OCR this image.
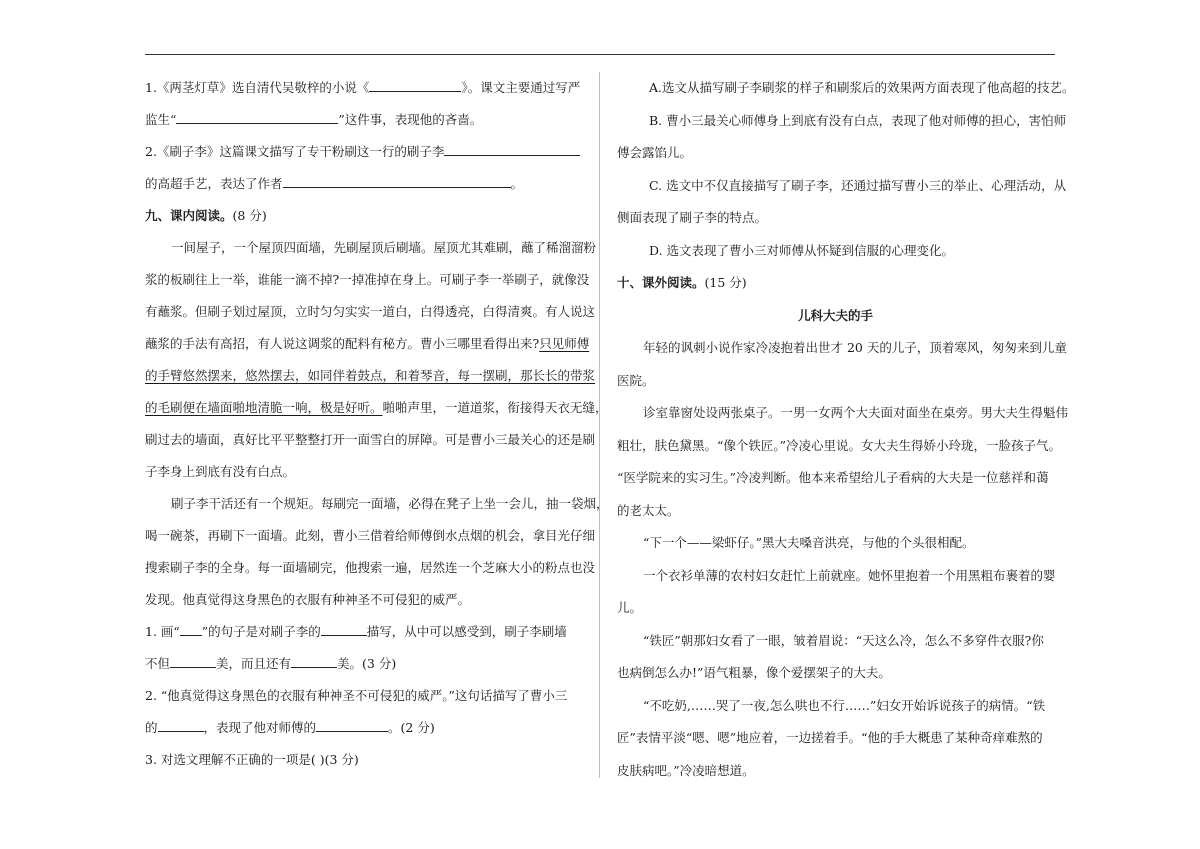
1.《两茎灯草》选自清代吴敬梓的小说《	》。课文主要通过写严
监生“	”这件事，表现他的吝啬。
2.《刷子李》这篇课文描写了专干粉刷这一行的刷子李
的高超手艺，表达了作者	。
九、课内阅读。(8 分)
一间屋子，一个屋顶四面墙，先刷屋顶后刷墙。屋顶尤其难刷，蘸了稀溜溜粉
浆的板刷往上一举，谁能一滴不掉?一掉准掉在身上。可刷子李一举刷子，就像没
有蘸浆。但刷子划过屋顶，立时匀匀实实一道白，白得透亮，白得清爽。有人说这
蘸浆的手法有高招，有人说这调浆的配料有秘方。曹小三哪里看得出来?只见师傅
的手臂悠然摆来，悠然摆去，如同伴着鼓点，和着琴音，每一摆刷，那长长的带浆
的毛刷便在墙面啪地清脆一响，极是好听。啪啪声里，一道道浆，衔接得天衣无缝，
刷过去的墙面，真好比平平整整打开一面雪白的屏障。可是曹小三最关心的还是刷
子李身上到底有没有白点。
刷子李干活还有一个规矩。每刷完一面墙，必得在凳子上坐一会儿，抽一袋烟，
喝一碗茶，再刷下一面墙。此刻，曹小三借着给师傅倒水点烟的机会，拿目光仔细
搜索刷子李的全身。每一面墙刷完，他搜索一遍，居然连一个芝麻大小的粉点也没
发现。他真觉得这身黑色的衣服有种神圣不可侵犯的威严。
1. 画“ ”的句子是对刷子李的	描写，从中可以感受到，刷子李刷墙
不但	美，而且还有	美。(3 分)
2. “他真觉得这身黑色的衣服有种神圣不可侵犯的威严。”这句话描写了曹小三
的	，表现了他对师傅的	。(2 分)
3. 对选文理解不正确的一项是( )(3 分)
A.选文从描写刷子李刷浆的样子和刷浆后的效果两方面表现了他高超的技艺。
B. 曹小三最关心师傅身上到底有没有白点，表现了他对师傅的担心，害怕师
傅会露馅儿。
C. 选文中不仅直接描写了刷子李，还通过描写曹小三的举止、心理活动，从
侧面表现了刷子李的特点。
D. 选文表现了曹小三对师傅从怀疑到信服的心理变化。
十、课外阅读。(15 分)
儿科大夫的手
年轻的讽刺小说作家冷凌抱着出世才 20 天的儿子，顶着寒风，匆匆来到儿童
医院。
诊室靠窗处设两张桌子。一男一女两个大夫面对面坐在桌旁。男大夫生得魁伟
粗壮，肤色黛黑。“像个铁匠。”冷凌心里说。女大夫生得娇小玲珑，一脸孩子气。
“医学院来的实习生。”冷凌判断。他本来希望给儿子看病的大夫是一位慈祥和蔼
的老太太。
“下一个——梁虾仔。”黑大夫嗓音洪亮，与他的个头很相配。
一个衣衫单薄的农村妇女赶忙上前就座。她怀里抱着一个用黑粗布裹着的婴
儿。
“铁匠”朝那妇女看了一眼，皱着眉说：“天这么冷，怎么不多穿件衣服?你
也病倒怎么办!”语气粗暴，像个爱摆架子的大夫。
“不吃奶,……哭了一夜,怎么哄也不行……”妇女开始诉说孩子的病情。“铁
匠”表情平淡“嗯、嗯”地应着，一边搓着手。“他的手大概患了某种奇痒难熬的
皮肤病吧。”冷凌暗想道。
